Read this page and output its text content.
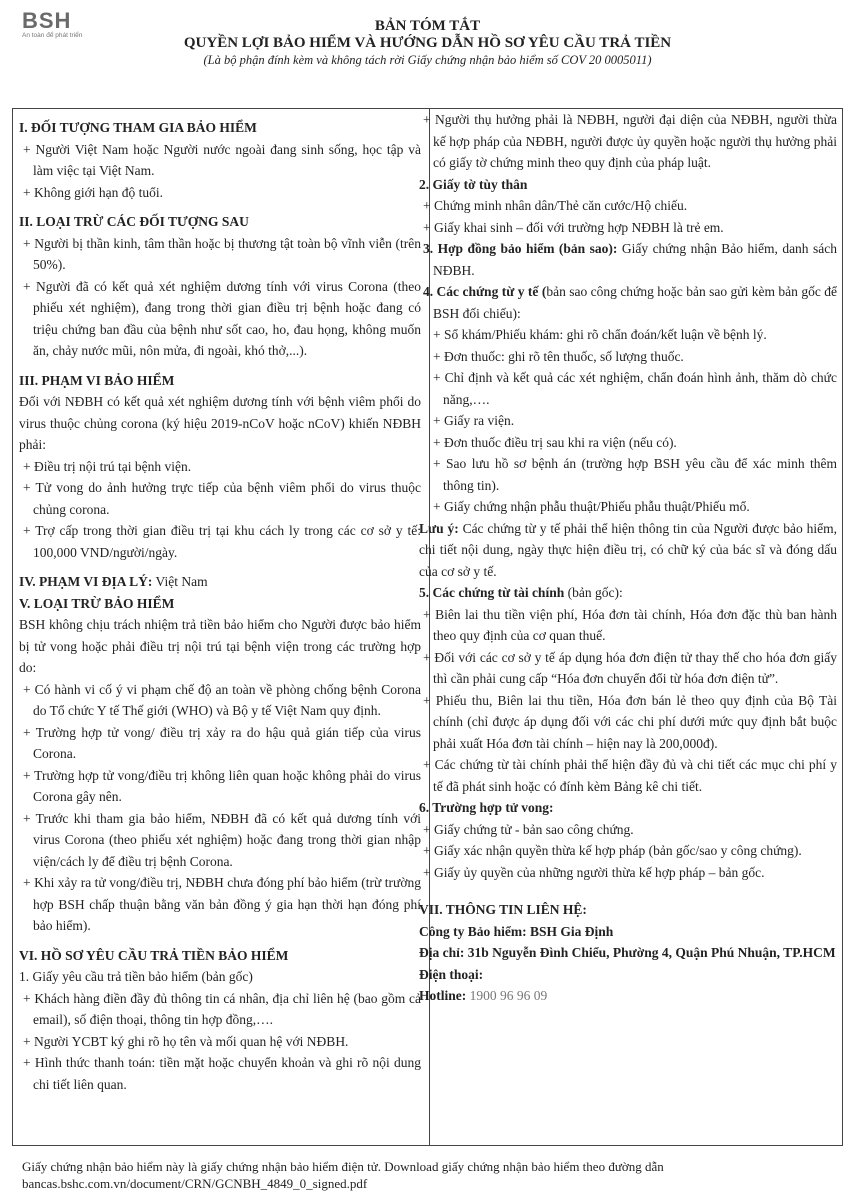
BSH
An toàn để phát triển
BẢN TÓM TẮT
QUYỀN LỢI BẢO HIỂM VÀ HƯỚNG DẪN HỒ SƠ YÊU CẦU TRẢ TIỀN
(Là bộ phận đính kèm và không tách rời Giấy chứng nhận bảo hiểm số COV 20 0005011)
I. ĐỐI TƯỢNG THAM GIA BẢO HIỂM
+ Người Việt Nam hoặc Người nước ngoài đang sinh sống, học tập và làm việc tại Việt Nam.
+ Không giới hạn độ tuổi.
II. LOẠI TRỪ CÁC ĐỐI TƯỢNG SAU
+ Người bị thần kinh, tâm thần hoặc bị thương tật toàn bộ vĩnh viễn (trên 50%).
+ Người đã có kết quả xét nghiệm dương tính với virus Corona (theo phiếu xét nghiệm), đang trong thời gian điều trị bệnh hoặc đang có triệu chứng ban đầu của bệnh như sốt cao, ho, đau họng, không muốn ăn, chảy nước mũi, nôn mửa, đi ngoài, khó thở,...).
III. PHẠM VI BẢO HIỂM
Đối với NĐBH có kết quả xét nghiệm dương tính với bệnh viêm phổi do virus thuộc chủng corona (ký hiệu 2019-nCoV hoặc nCoV) khiến NĐBH phải:
+ Điều trị nội trú tại bệnh viện.
+ Tử vong do ảnh hưởng trực tiếp của bệnh viêm phổi do virus thuộc chủng corona.
+ Trợ cấp trong thời gian điều trị tại khu cách ly trong các cơ sở y tế: 100,000 VND/người/ngày.
IV. PHẠM VI ĐỊA LÝ: Việt Nam
V. LOẠI TRỪ BẢO HIỂM
BSH không chịu trách nhiệm trả tiền bảo hiểm cho Người được bảo hiểm bị tử vong hoặc phải điều trị nội trú tại bệnh viện trong các trường hợp do:
+ Có hành vi cố ý vi phạm chế độ an toàn về phòng chống bệnh Corona do Tổ chức Y tế Thế giới (WHO) và Bộ y tế Việt Nam quy định.
+ Trường hợp tử vong/ điều trị xảy ra do hậu quả gián tiếp của virus Corona.
+ Trường hợp tử vong/điều trị không liên quan hoặc không phải do virus Corona gây nên.
+ Trước khi tham gia bảo hiểm, NĐBH đã có kết quả dương tính với virus Corona (theo phiếu xét nghiệm) hoặc đang trong thời gian nhập viện/cách ly để điều trị bệnh Corona.
+ Khi xảy ra tử vong/điều trị, NĐBH chưa đóng phí bảo hiểm (trừ trường hợp BSH chấp thuận bằng văn bản đồng ý gia hạn thời hạn đóng phí bảo hiểm).
VI. HỒ SƠ YÊU CẦU TRẢ TIỀN BẢO HIỂM
1. Giấy yêu cầu trả tiền bảo hiểm (bản gốc)
+ Khách hàng điền đầy đủ thông tin cá nhân, địa chỉ liên hệ (bao gồm cả email), số điện thoại, thông tin hợp đồng,….
+ Người YCBT ký ghi rõ họ tên và mối quan hệ với NĐBH.
+ Hình thức thanh toán: tiền mặt hoặc chuyển khoản và ghi rõ nội dung chi tiết liên quan.
+ Người thụ hưởng phải là NĐBH, người đại diện của NĐBH, người thừa kế hợp pháp của NĐBH, người được ủy quyền hoặc người thụ hưởng phải có giấy tờ chứng minh theo quy định của pháp luật.
2. Giấy tờ tùy thân
+ Chứng minh nhân dân/Thẻ căn cước/Hộ chiếu.
+ Giấy khai sinh – đối với trường hợp NĐBH là trẻ em.
3. Hợp đồng bảo hiểm (bản sao): Giấy chứng nhận Bảo hiểm, danh sách NĐBH.
4. Các chứng từ y tế (bản sao công chứng hoặc bản sao gửi kèm bản gốc để BSH đối chiếu):
+ Sổ khám/Phiếu khám: ghi rõ chẩn đoán/kết luận về bệnh lý.
+ Đơn thuốc: ghi rõ tên thuốc, số lượng thuốc.
+ Chỉ định và kết quả các xét nghiệm, chẩn đoán hình ảnh, thăm dò chức năng,….
+ Giấy ra viện.
+ Đơn thuốc điều trị sau khi ra viện (nếu có).
+ Sao lưu hồ sơ bệnh án (trường hợp BSH yêu cầu để xác minh thêm thông tin).
+ Giấy chứng nhận phẫu thuật/Phiếu phẫu thuật/Phiếu mổ.
Lưu ý: Các chứng từ y tế phải thể hiện thông tin của Người được bảo hiểm, chi tiết nội dung, ngày thực hiện điều trị, có chữ ký của bác sĩ và đóng dấu của cơ sở y tế.
5. Các chứng từ tài chính (bản gốc):
+ Biên lai thu tiền viện phí, Hóa đơn tài chính, Hóa đơn đặc thù ban hành theo quy định của cơ quan thuế.
+ Đối với các cơ sở y tế áp dụng hóa đơn điện tử thay thế cho hóa đơn giấy thì cần phải cung cấp “Hóa đơn chuyển đổi từ hóa đơn điện tử”.
+ Phiếu thu, Biên lai thu tiền, Hóa đơn bán lẻ theo quy định của Bộ Tài chính (chỉ được áp dụng đối với các chi phí dưới mức quy định bắt buộc phải xuất Hóa đơn tài chính – hiện nay là 200,000đ).
+ Các chứng từ tài chính phải thể hiện đầy đủ và chi tiết các mục chi phí y tế đã phát sinh hoặc có đính kèm Bảng kê chi tiết.
6. Trường hợp tử vong:
+ Giấy chứng tử - bản sao công chứng.
+ Giấy xác nhận quyền thừa kế hợp pháp (bản gốc/sao y công chứng).
+ Giấy ủy quyền của những người thừa kế hợp pháp – bản gốc.
VII. THÔNG TIN LIÊN HỆ:
Công ty Bảo hiểm: BSH Gia Định
Địa chỉ: 31b Nguyễn Đình Chiểu, Phường 4, Quận Phú Nhuận, TP.HCM
Điện thoại:
Hotline: 1900 96 96 09
Giấy chứng nhận bảo hiểm này là giấy chứng nhận bảo hiểm điện tử. Download giấy chứng nhận bảo hiểm theo đường dẫn
bancas.bshc.com.vn/document/CRN/GCNBH_4849_0_signed.pdf
